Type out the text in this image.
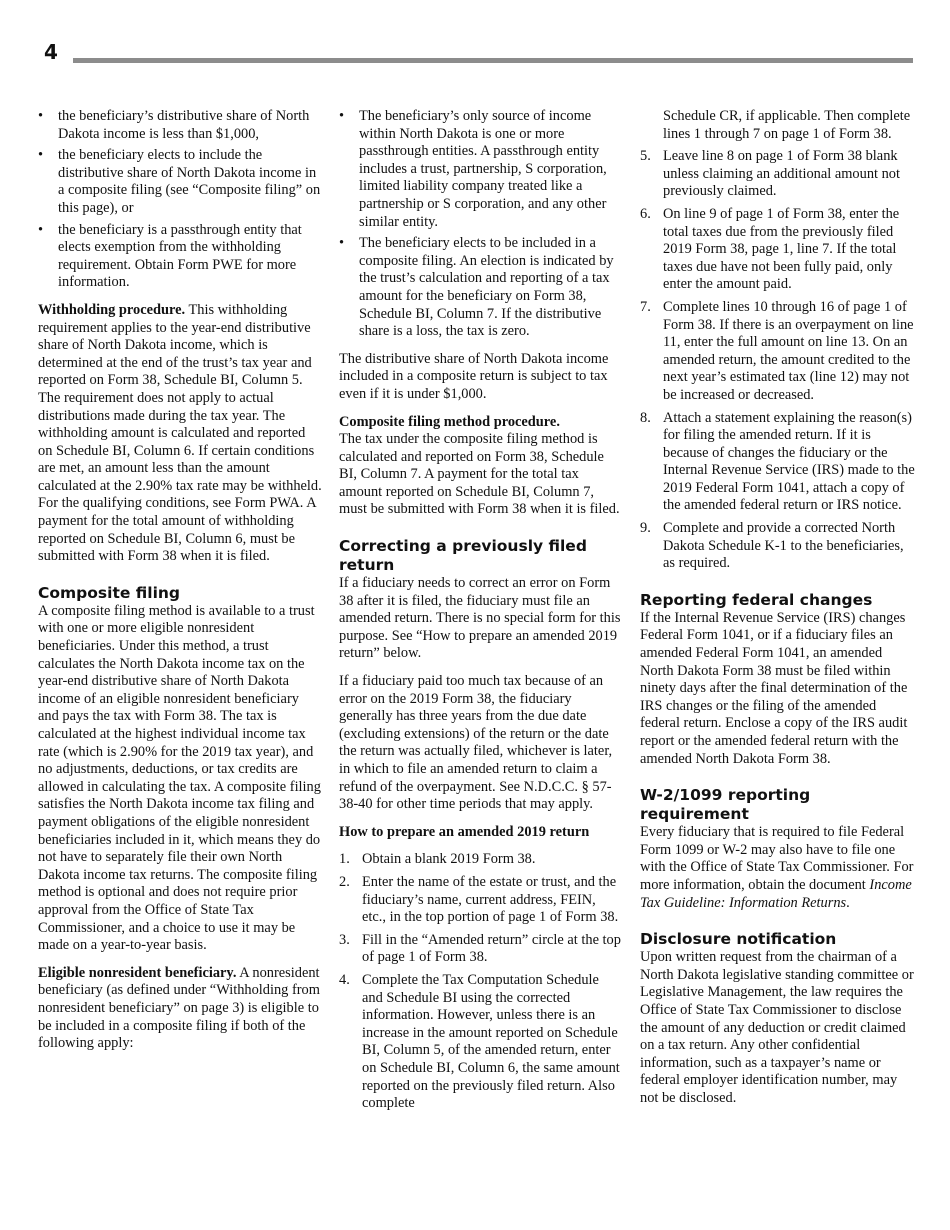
4
• the beneficiary’s distributive share of North Dakota income is less than $1,000,
• the beneficiary elects to include the distributive share of North Dakota income in a composite filing (see “Composite filing” on this page), or
• the beneficiary is a passthrough entity that elects exemption from the withholding requirement. Obtain Form PWE for more information.

Withholding procedure. This withholding requirement applies to the year-end distributive share of North Dakota income, which is determined at the end of the trust’s tax year and reported on Form 38, Schedule BI, Column 5. The requirement does not apply to actual distributions made during the tax year. The withholding amount is calculated and reported on Schedule BI, Column 6. If certain conditions are met, an amount less than the amount calculated at the 2.90% tax rate may be withheld. For the qualifying conditions, see Form PWA. A payment for the total amount of withholding reported on Schedule BI, Column 6, must be submitted with Form 38 when it is filed.

Composite filing

A composite filing method is available to a trust with one or more eligible nonresident beneficiaries. Under this method, a trust calculates the North Dakota income tax on the year-end distributive share of North Dakota income of an eligible nonresident beneficiary and pays the tax with Form 38. The tax is calculated at the highest individual income tax rate (which is 2.90% for the 2019 tax year), and no adjustments, deductions, or tax credits are allowed in calculating the tax. A composite filing satisfies the North Dakota income tax filing and payment obligations of the eligible nonresident beneficiaries included in it, which means they do not have to separately file their own North Dakota income tax returns. The composite filing method is optional and does not require prior approval from the Office of State Tax Commissioner, and a choice to use it may be made on a year-to-year basis.

Eligible nonresident beneficiary. A nonresident beneficiary (as defined under “Withholding from nonresident beneficiary” on page 3) is eligible to be included in a composite filing if both of the following apply:

• The beneficiary’s only source of income within North Dakota is one or more passthrough entities. A passthrough entity includes a trust, partnership, S corporation, limited liability company treated like a partnership or S corporation, and any other similar entity.
• The beneficiary elects to be included in a composite filing. An election is indicated by the trust’s calculation and reporting of a tax amount for the beneficiary on Form 38, Schedule BI, Column 7. If the distributive share is a loss, the tax is zero.

The distributive share of North Dakota income included in a composite return is subject to tax even if it is under $1,000.

Composite filing method procedure.
The tax under the composite filing method is calculated and reported on Form 38, Schedule BI, Column 7. A payment for the total tax amount reported on Schedule BI, Column 7, must be submitted with Form 38 when it is filed.

Correcting a previously filed return

If a fiduciary needs to correct an error on Form 38 after it is filed, the fiduciary must file an amended return. There is no special form for this purpose. See “How to prepare an amended 2019 return” below.

If a fiduciary paid too much tax because of an error on the 2019 Form 38, the fiduciary generally has three years from the due date (excluding extensions) of the return or the date the return was actually filed, whichever is later, in which to file an amended return to claim a refund of the overpayment. See N.D.C.C. § 57-38-40 for other time periods that may apply.

How to prepare an amended 2019 return

1. Obtain a blank 2019 Form 38.
2. Enter the name of the estate or trust, and the fiduciary’s name, current address, FEIN, etc., in the top portion of page 1 of Form 38.
3. Fill in the “Amended return” circle at the top of page 1 of Form 38.
4. Complete the Tax Computation Schedule and Schedule BI using the corrected information. However, unless there is an increase in the amount reported on Schedule BI, Column 5, of the amended return, enter on Schedule BI, Column 6, the same amount reported on the previously filed return. Also complete
Schedule CR, if applicable. Then complete lines 1 through 7 on page 1 of Form 38.
5. Leave line 8 on page 1 of Form 38 blank unless claiming an additional amount not previously claimed.
6. On line 9 of page 1 of Form 38, enter the total taxes due from the previously filed 2019 Form 38, page 1, line 7. If the total taxes due have not been fully paid, only enter the amount paid.
7. Complete lines 10 through 16 of page 1 of Form 38. If there is an overpayment on line 11, enter the full amount on line 13. On an amended return, the amount credited to the next year’s estimated tax (line 12) may not be increased or decreased.
8. Attach a statement explaining the reason(s) for filing the amended return. If it is because of changes the fiduciary or the Internal Revenue Service (IRS) made to the 2019 Federal Form 1041, attach a copy of the amended federal return or IRS notice.
9. Complete and provide a corrected North Dakota Schedule K-1 to the beneficiaries, as required.
Reporting federal changes

If the Internal Revenue Service (IRS) changes Federal Form 1041, or if a fiduciary files an amended Federal Form 1041, an amended North Dakota Form 38 must be filed within ninety days after the final determination of the IRS changes or the filing of the amended federal return. Enclose a copy of the IRS audit report or the amended federal return with the amended North Dakota Form 38.

W-2/1099 reporting requirement

Every fiduciary that is required to file Federal Form 1099 or W-2 may also have to file one with the Office of State Tax Commissioner. For more information, obtain the document Income Tax Guideline: Information Returns.

Disclosure notification

Upon written request from the chairman of a North Dakota legislative standing committee or Legislative Management, the law requires the Office of State Tax Commissioner to disclose the amount of any deduction or credit claimed on a tax return. Any other confidential information, such as a taxpayer’s name or federal employer identification number, may not be disclosed.
